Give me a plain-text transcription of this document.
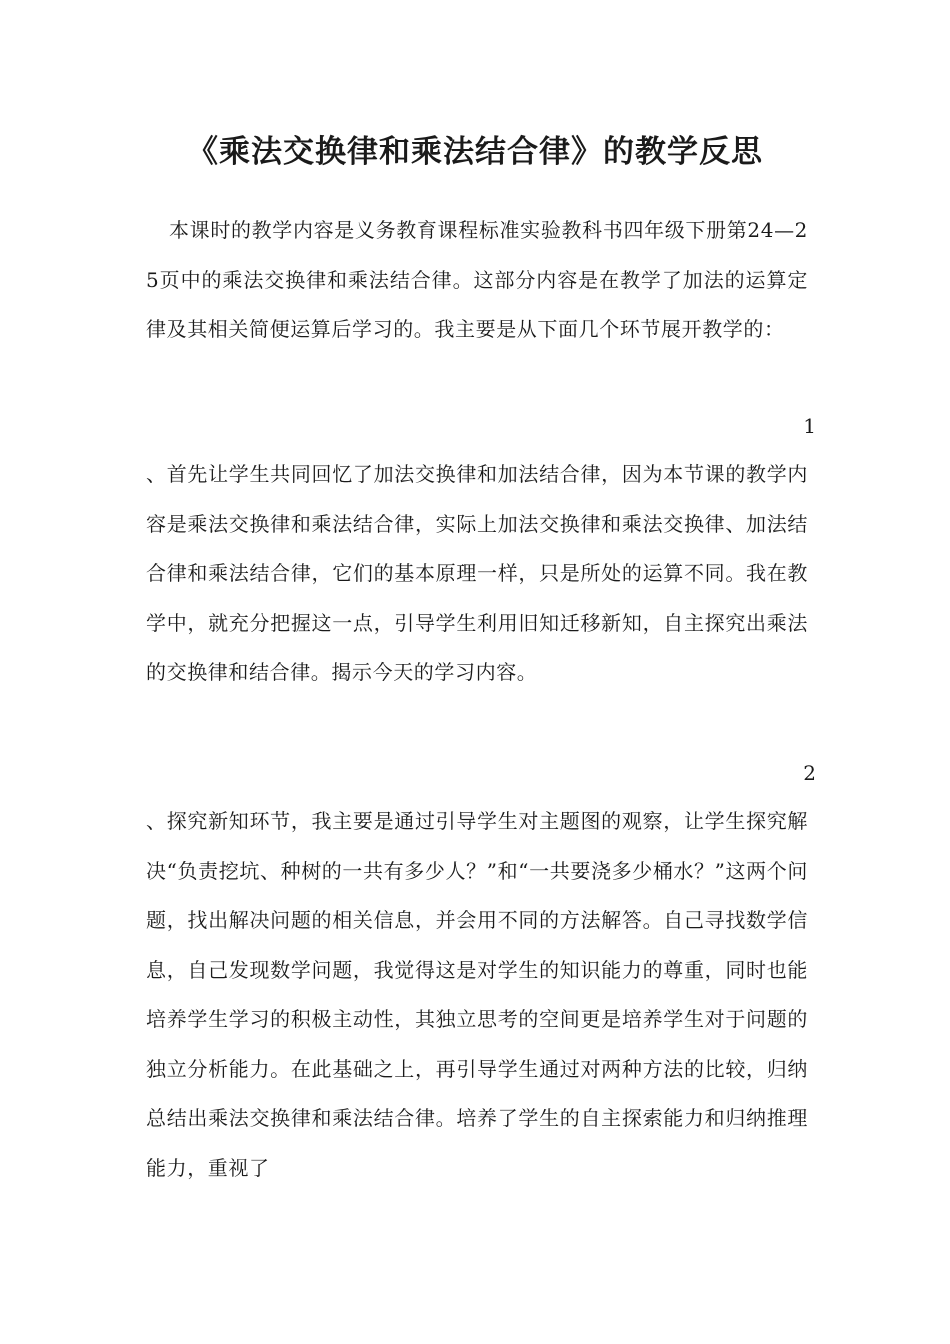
《乘法交换律和乘法结合律》的教学反思

本课时的教学内容是义务教育课程标准实验教科书四年级下册第24—25页中的乘法交换律和乘法结合律。这部分内容是在教学了加法的运算定律及其相关简便运算后学习的。我主要是从下面几个环节展开教学的：

1

、首先让学生共同回忆了加法交换律和加法结合律，因为本节课的教学内容是乘法交换律和乘法结合律，实际上加法交换律和乘法交换律、加法结合律和乘法结合律，它们的基本原理一样，只是所处的运算不同。我在教学中，就充分把握这一点，引导学生利用旧知迁移新知，自主探究出乘法的交换律和结合律。揭示今天的学习内容。

2

、探究新知环节，我主要是通过引导学生对主题图的观察，让学生探究解决“负责挖坑、种树的一共有多少人？”和“一共要浇多少桶水？”这两个问题，找出解决问题的相关信息，并会用不同的方法解答。自己寻找数学信息，自己发现数学问题，我觉得这是对学生的知识能力的尊重，同时也能培养学生学习的积极主动性，其独立思考的空间更是培养学生对于问题的独立分析能力。在此基础之上，再引导学生通过对两种方法的比较，归纳总结出乘法交换律和乘法结合律。培养了学生的自主探索能力和归纳推理能力，重视了
